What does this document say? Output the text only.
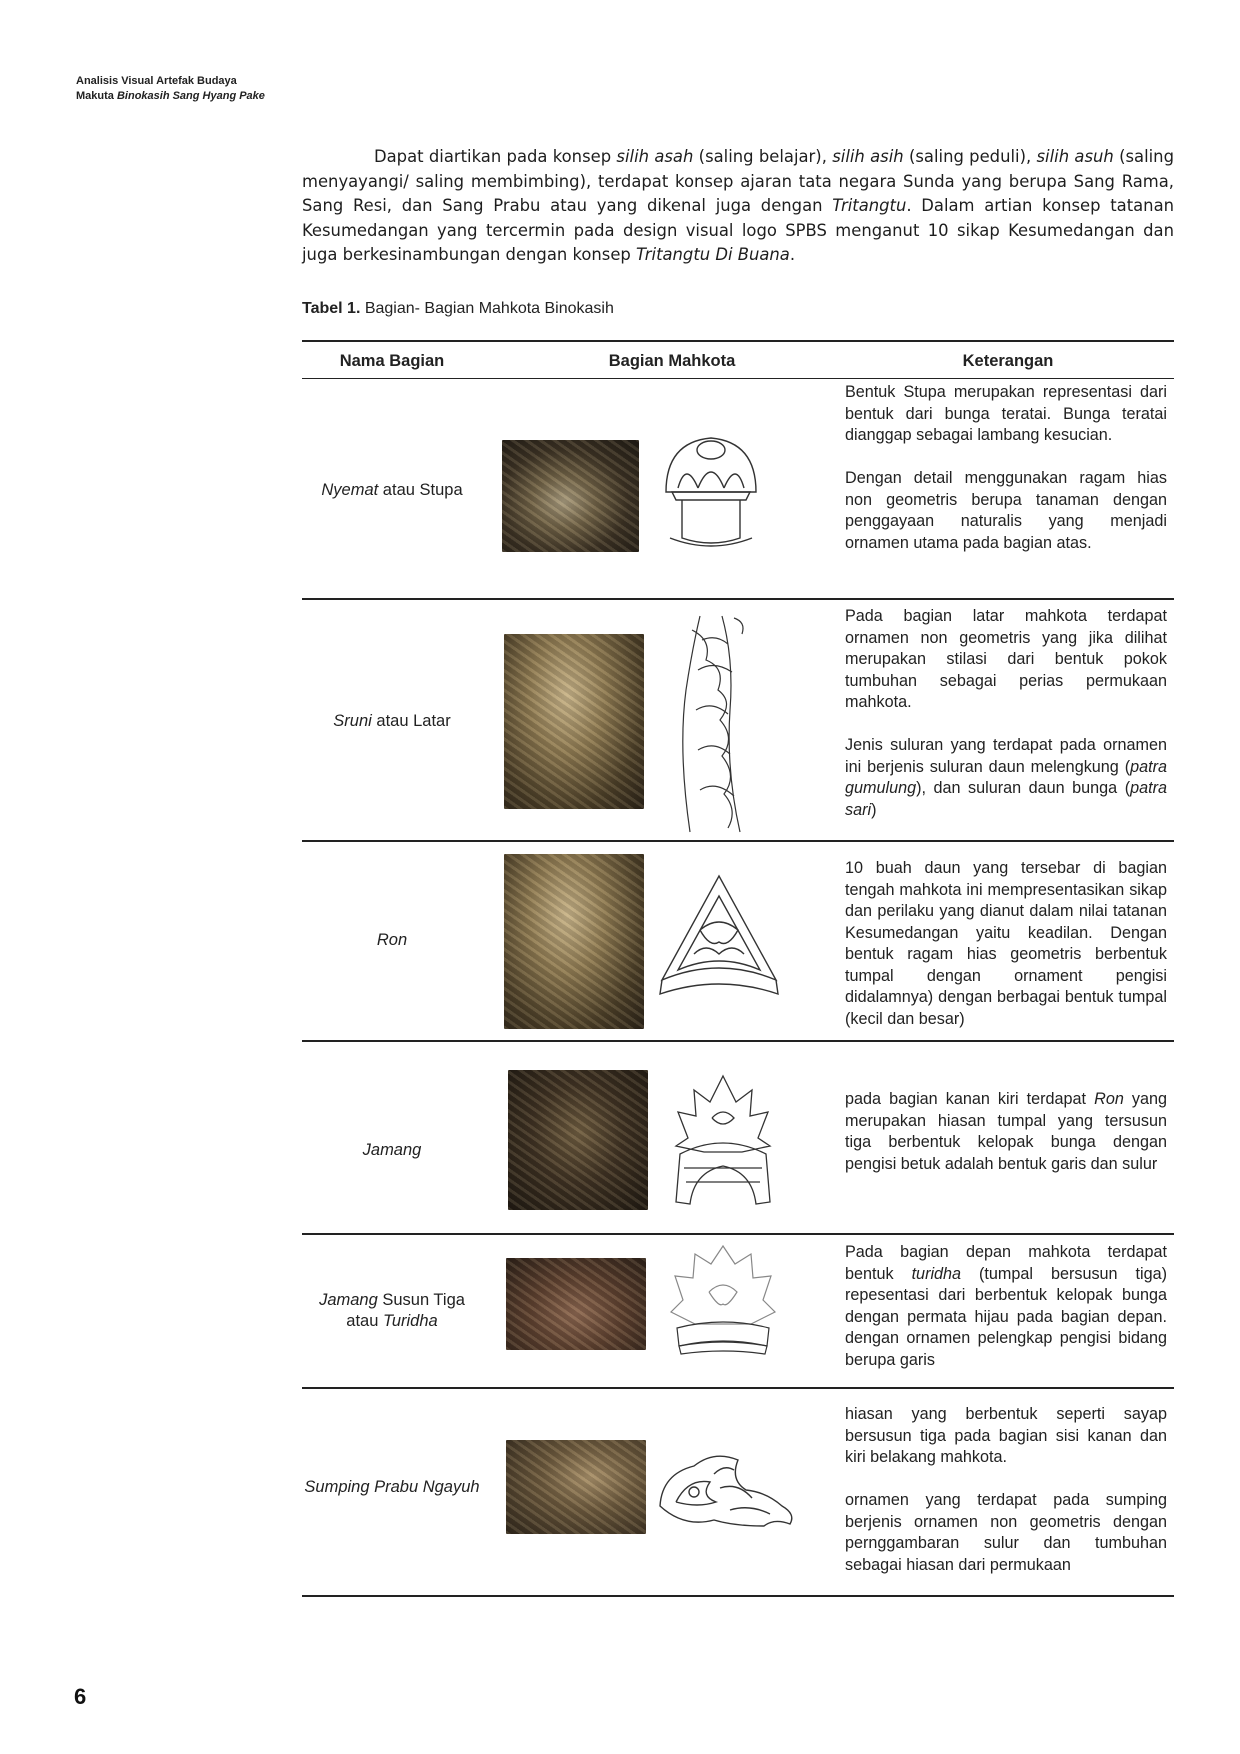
Analisis Visual Artefak Budaya
Makuta Binokasih Sang Hyang Pake

Dapat diartikan pada konsep silih asah (saling belajar), silih asih (saling peduli), silih asuh (saling menyayangi/ saling membimbing), terdapat konsep ajaran tata negara Sunda yang berupa Sang Rama, Sang Resi, dan Sang Prabu atau yang dikenal juga dengan Tritangtu. Dalam artian konsep tatanan Kesumedangan yang tercermin pada design visual logo SPBS menganut 10 sikap Kesumedangan dan juga berkesinambungan dengan konsep Tritangtu Di Buana.

Tabel 1. Bagian- Bagian Mahkota Binokasih
Nama Bagian	Bagian Mahkota	Keterangan
Nyemat atau Stupa

Bentuk Stupa merupakan representasi dari bentuk dari bunga teratai. Bunga teratai dianggap sebagai lambang kesucian.

Dengan detail menggunakan ragam hias non geometris berupa tanaman dengan penggayaan naturalis yang menjadi ornamen utama pada bagian atas.

Sruni atau Latar

Pada bagian latar mahkota terdapat ornamen non geometris yang jika dilihat merupakan stilasi dari bentuk pokok tumbuhan sebagai perias permukaan mahkota.

Jenis suluran yang terdapat pada ornamen ini berjenis suluran daun melengkung (patra gumulung), dan suluran daun bunga (patra sari)

Ron

10 buah daun yang tersebar di bagian tengah mahkota ini mempresentasikan sikap dan perilaku yang dianut dalam nilai tatanan Kesumedangan yaitu keadilan. Dengan bentuk ragam hias geometris berbentuk tumpal dengan ornament pengisi didalamnya) dengan berbagai bentuk tumpal (kecil dan besar)

Jamang

pada bagian kanan kiri terdapat Ron yang merupakan hiasan tumpal yang tersusun tiga berbentuk kelopak bunga dengan pengisi betuk adalah bentuk garis dan sulur

Jamang Susun Tiga atau Turidha

Pada bagian depan mahkota terdapat bentuk turidha (tumpal bersusun tiga) repesentasi dari berbentuk kelopak bunga dengan permata hijau pada bagian depan. dengan ornamen pelengkap pengisi bidang berupa garis

Sumping Prabu Ngayuh

hiasan yang berbentuk seperti sayap bersusun tiga pada bagian sisi kanan dan kiri belakang mahkota.

ornamen yang terdapat pada sumping berjenis ornamen non geometris dengan pernggambaran sulur dan tumbuhan sebagai hiasan dari permukaan

6
